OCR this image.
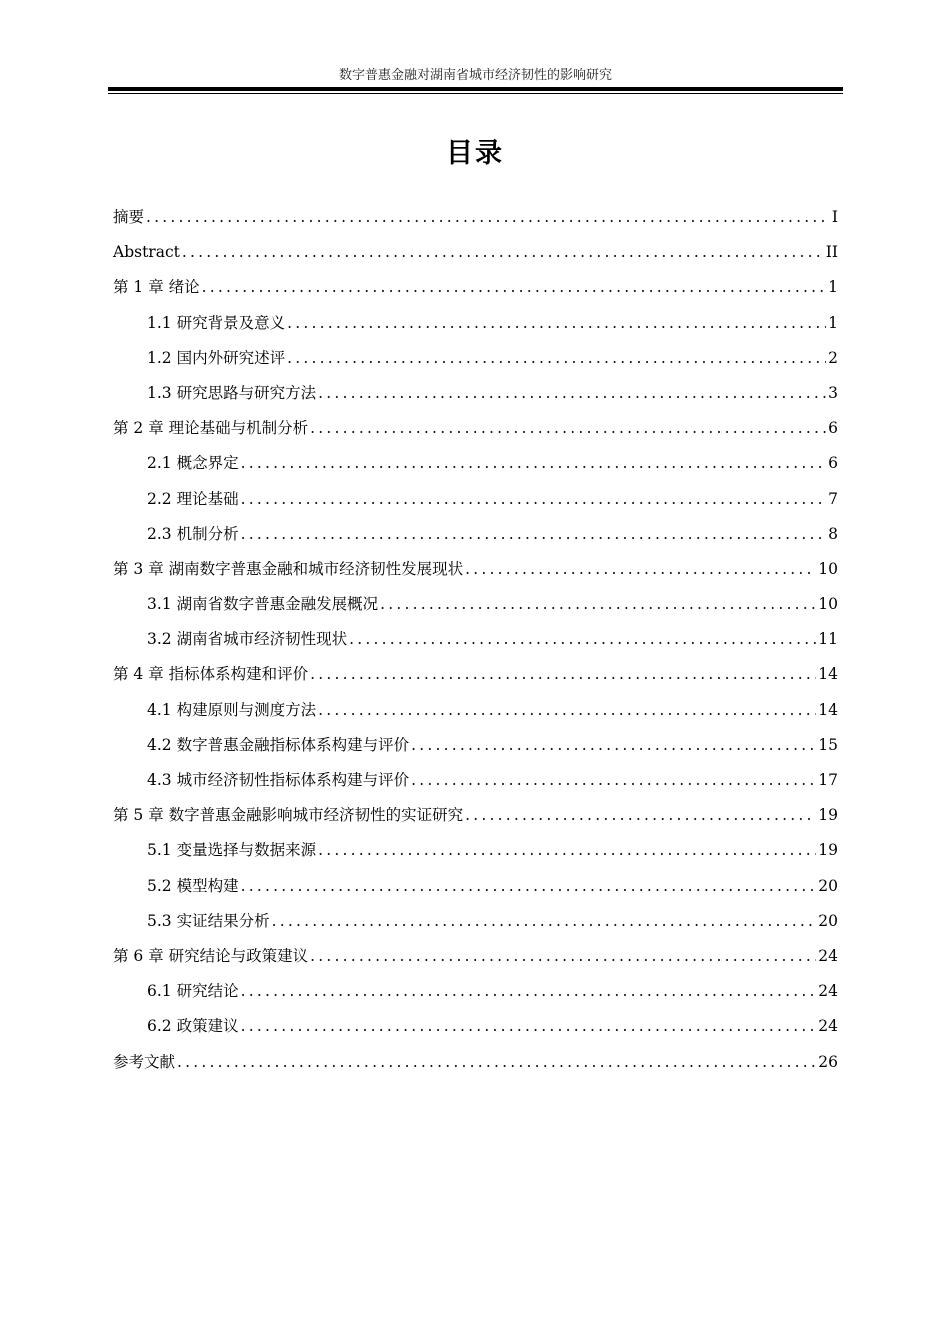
数字普惠金融对湖南省城市经济韧性的影响研究
目录
摘要 .....	I
Abstract .....	II
第 1 章 绪论 .....	1
1.1 研究背景及意义 .....	1
1.2 国内外研究述评 .....	2
1.3 研究思路与研究方法 .....	3
第 2 章 理论基础与机制分析 .....	6
2.1 概念界定 .....	6
2.2 理论基础 .....	7
2.3 机制分析 .....	8
第 3 章 湖南数字普惠金融和城市经济韧性发展现状 .....	10
3.1 湖南省数字普惠金融发展概况 .....	10
3.2 湖南省城市经济韧性现状 .....	11
第 4 章 指标体系构建和评价 .....	14
4.1 构建原则与测度方法 .....	14
4.2 数字普惠金融指标体系构建与评价 .....	15
4.3 城市经济韧性指标体系构建与评价 .....	17
第 5 章 数字普惠金融影响城市经济韧性的实证研究 .....	19
5.1 变量选择与数据来源 .....	19
5.2 模型构建 .....	20
5.3 实证结果分析 .....	20
第 6 章 研究结论与政策建议 .....	24
6.1 研究结论 .....	24
6.2 政策建议 .....	24
参考文献 .....	26
